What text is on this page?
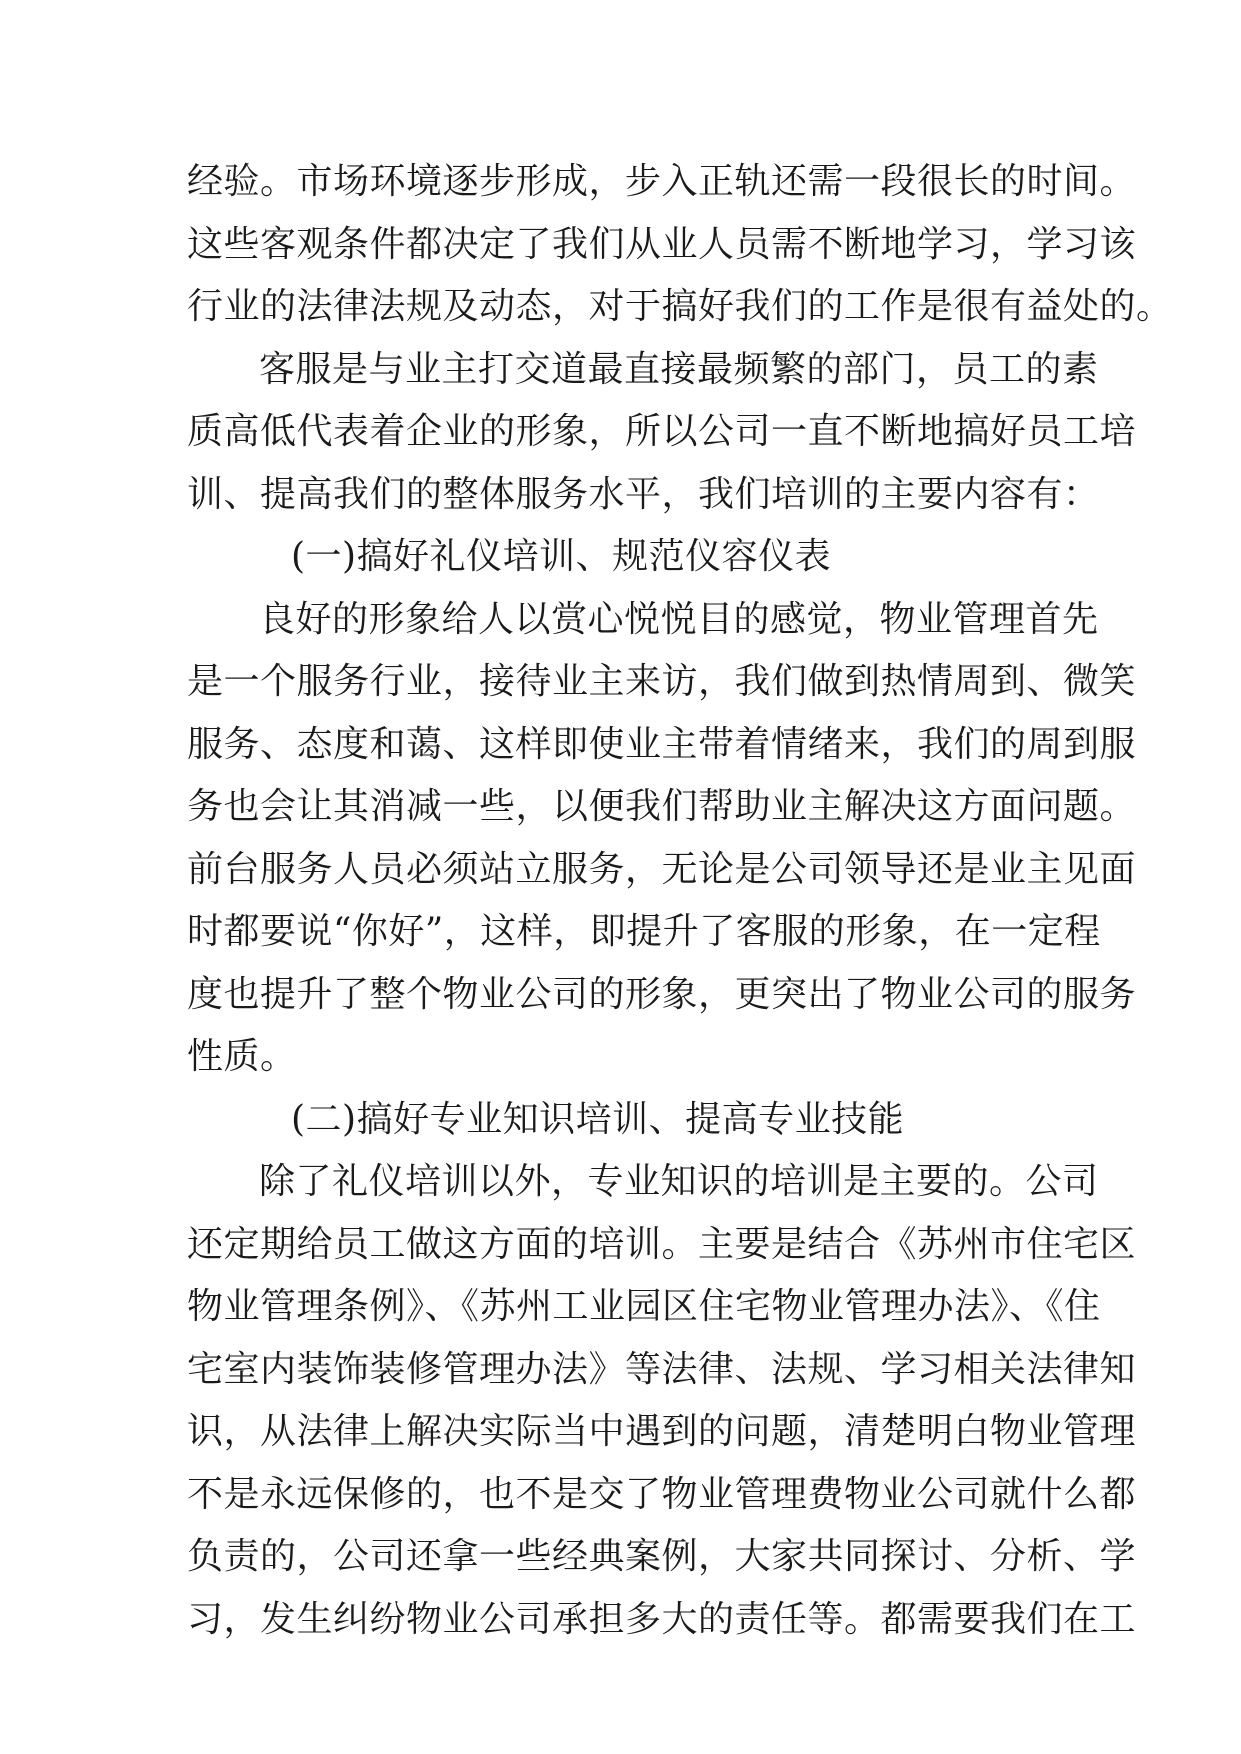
经验。市场环境逐步形成，步入正轨还需一段很长的时间。
这些客观条件都决定了我们从业人员需不断地学习，学习该
行业的法律法规及动态，对于搞好我们的工作是很有益处的。
客服是与业主打交道最直接最频繁的部门，员工的素
质高低代表着企业的形象，所以公司一直不断地搞好员工培
训、提高我们的整体服务水平，我们培训的主要内容有：
(一)搞好礼仪培训、规范仪容仪表
良好的形象给人以赏心悦悦目的感觉，物业管理首先
是一个服务行业，接待业主来访，我们做到热情周到、微笑
服务、态度和蔼、这样即使业主带着情绪来，我们的周到服
务也会让其消减一些，以便我们帮助业主解决这方面问题。
前台服务人员必须站立服务，无论是公司领导还是业主见面
时都要说“你好”，这样，即提升了客服的形象，在一定程
度也提升了整个物业公司的形象，更突出了物业公司的服务
性质。
(二)搞好专业知识培训、提高专业技能
除了礼仪培训以外，专业知识的培训是主要的。公司
还定期给员工做这方面的培训。主要是结合《苏州市住宅区
物业管理条例》、《苏州工业园区住宅物业管理办法》、《住
宅室内装饰装修管理办法》等法律、法规、学习相关法律知
识，从法律上解决实际当中遇到的问题，清楚明白物业管理
不是永远保修的，也不是交了物业管理费物业公司就什么都
负责的，公司还拿一些经典案例，大家共同探讨、分析、学
习，发生纠纷物业公司承担多大的责任等。都需要我们在工
